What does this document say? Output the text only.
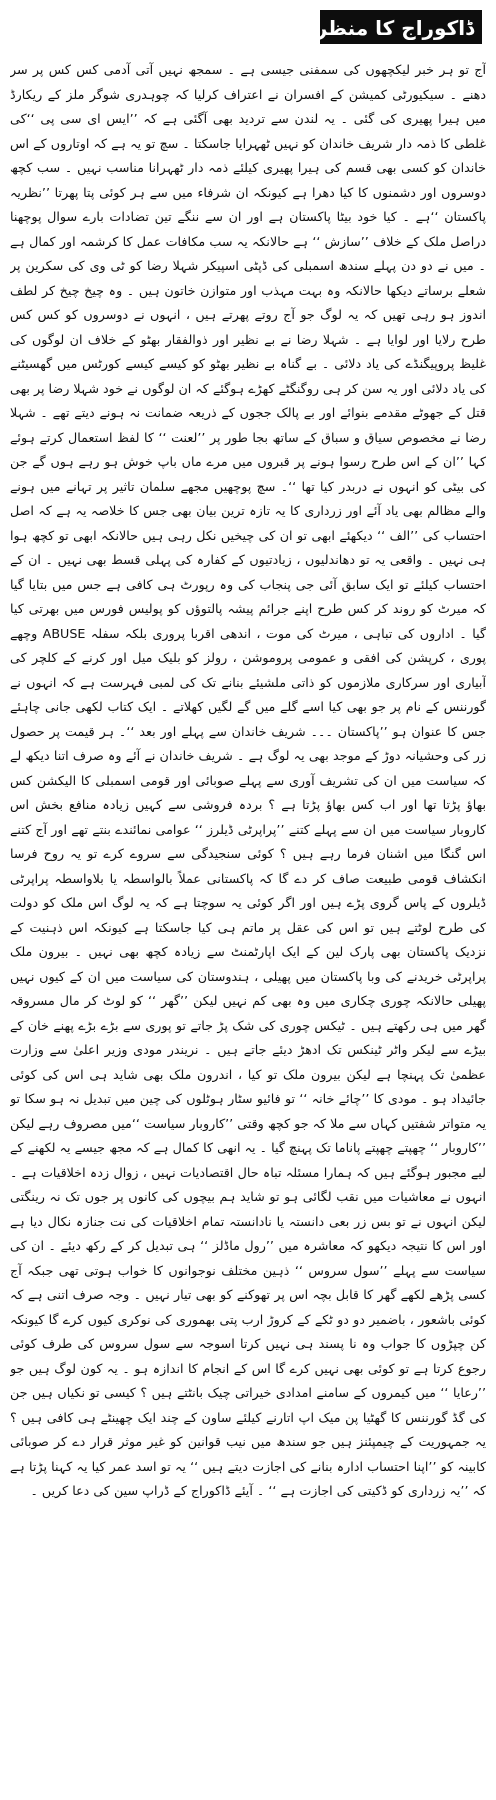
ڈاکوراج کا منظر نامہ

آج تو ہر خبر لیکچھوں کی سمفنی جیسی ہے ۔ سمجھ نہیں آتی آدمی کس کس پر سر دھنے ۔ سیکیورٹی کمیشن کے افسران نے اعتراف کرلیا کہ چوہدری شوگر ملز کے ریکارڈ میں ہیرا پھیری کی گئی ۔ یہ لندن سے تردید بھی آگئی ہے کہ ’’ایس ای سی پی ‘‘کی غلطی کا ذمہ دار شریف خاندان کو نہیں ٹھہرایا جاسکتا ۔ سچ تو یہ ہے کہ اوتاروں کے اس خاندان کو کسی بھی قسم کی ہیرا پھیری کیلئے ذمہ دار ٹھہرانا مناسب نہیں ۔ سب کچھ دوسروں اور دشمنوں کا کیا دھرا ہے کیونکہ ان شرفاء میں سے ہر کوئی پتا پھرتا ’’نظریہ پاکستان ‘‘ہے ۔ کیا خود بیٹا پاکستان ہے اور ان سے ننگے تین تضادات بارے سوال پوچھنا دراصل ملک کے خلاف ’’سازش ‘‘ ہے حالانکہ یہ سب مکافات عمل کا کرشمہ اور کمال ہے ۔ میں نے دو دن پہلے سندھ اسمبلی کی ڈپٹی اسپیکر شہلا رضا کو ٹی وی کی سکرین پر شعلے برساتے دیکھا حالانکہ وہ بہت مہذب اور متوازن خاتون ہیں ۔ وہ چیخ چیخ کر لطف اندوز ہو رہی تھیں کہ یہ لوگ جو آج روتے پھرتے ہیں ، انہوں نے دوسروں کو کس کس طرح رلایا اور لوایا ہے ۔ شہلا رضا نے بے نظیر اور ذوالفقار بھٹو کے خلاف ان لوگوں کی غلیظ پروپیگنڈے کی یاد دلائی ۔ بے گناہ بے نظیر بھٹو کو کیسے کیسے کورٹس میں گھسیٹنے کی یاد دلائی اور یہ سن کر ہی روگنگٹے کھڑے ہوگئے کہ ان لوگوں نے خود شہلا رضا پر بھی قتل کے جھوٹے مقدمے بنوائے اور بے پالک ججوں کے ذریعہ ضمانت نہ ہونے دیتے تھے ۔ شہلا رضا نے مخصوص سیاق و سباق کے ساتھ بجا طور پر ’’لعنت ‘‘ کا لفظ استعمال کرتے ہوئے کہا ’’ان کے اس طرح رسوا ہونے پر قبروں میں مرے ماں باپ خوش ہو رہے ہوں گے جن کی بیٹی کو انہوں نے دربدر کیا تھا ‘‘۔ سچ پوچھیں مجھے سلمان تاثیر پر تہانے میں ہونے والے مظالم بھی یاد آئے اور زرداری کا یہ تازہ ترین بیان بھی جس کا خلاصہ یہ ہے کہ اصل احتساب کی ’’الف ‘‘ دیکھئے ابھی تو ان کی چیخیں نکل رہی ہیں حالانکہ ابھی تو کچھ ہوا ہی نہیں ۔ واقعی یہ تو دھاندلیوں ، زیادتیوں کے کفارہ کی پہلی قسط بھی نہیں ۔ ان کے احتساب کیلئے تو ایک سابق آئی جی پنجاب کی وہ رپورٹ ہی کافی ہے جس میں بتایا گیا کہ میرٹ کو روند کر کس طرح اپنے جرائم پیشہ پالتوؤں کو پولیس فورس میں بھرتی کیا گیا ۔ اداروں کی تباہی ، میرٹ کی موت ، اندھی اقربا پروری بلکہ سفلہ ABUSE وچھے پوری ، کرپشن کی افقی و عمومی پروموشن ، رولز کو بلیک میل اور کرنے کے کلچر کی آبیاری اور سرکاری ملازموں کو ذاتی ملشیئے بنانے تک کی لمبی فہرست ہے کہ انہوں نے گورننس کے نام پر جو بھی کیا اسے گلے میں گے لگیں کھلاتے ۔ ایک کتاب لکھی جانی چاہئے جس کا عنوان ہو ’’پاکستان ۔۔۔ شریف خاندان سے پہلے اور بعد ‘‘۔ ہر قیمت پر حصول زر کی وحشیانہ دوڑ کے موجد بھی یہ لوگ ہے ۔ شریف خاندان نے آئے وہ صرف اتنا دیکھ لے کہ سیاست میں ان کی تشریف آوری سے پہلے صوبائی اور قومی اسمبلی کا الیکشن کس بھاؤ پڑتا تھا اور اب کس بھاؤ پڑتا ہے ؟ بردہ فروشی سے کہیں زیادہ منافع بخش اس کاروبار سیاست میں ان سے پہلے کتنے ’’پراپرٹی ڈیلرز ‘‘ عوامی نمائندے بنتے تھے اور آج کتنے اس گنگا میں اشنان فرما رہے ہیں ؟ کوئی سنجیدگی سے سروے کرے تو یہ روح فرسا انکشاف قومی طبیعت صاف کر دے گا کہ پاکستانی عملاً بالواسطہ یا بلاواسطہ پراپرٹی ڈیلروں کے پاس گروی پڑے ہیں اور اگر کوئی یہ سوچتا ہے کہ یہ لوگ اس ملک کو دولت کی طرح لوٹتے ہیں تو اس کی عقل پر ماتم ہی کیا جاسکتا ہے کیونکہ اس ذہنیت کے نزدیک پاکستان بھی پارک لین کے ایک اپارٹمنٹ سے زیادہ کچھ بھی نہیں ۔ بیرون ملک پراپرٹی خریدنے کی وبا پاکستان میں پھیلی ، ہندوستان کی سیاست میں ان کے کیوں نہیں پھیلی حالانکہ چوری چکاری میں وہ بھی کم نہیں لیکن ’’گھر ‘‘ کو لوٹ کر مال مسروقہ گھر میں ہی رکھتے ہیں ۔ ٹیکس چوری کی شک پڑ جاتے تو پوری سے بڑے بڑے پھنے خان کے بیڑے سے لیکر واٹر ٹینکس تک ادھڑ دیئے جاتے ہیں ۔ نریندر مودی وزیر اعلیٰ سے وزارت عظمیٰ تک پہنچا ہے لیکن بیرون ملک تو کیا ، اندرون ملک بھی شاید ہی اس کی کوئی جائیداد ہو ۔ مودی کا ’’چائے خانہ ‘‘ تو فائیو سٹار ہوٹلوں کی چین میں تبدیل نہ ہو سکا تو یہ متواتر شفتیں کہاں سے ملا کہ جو کچھ وقتی ’’کاروبار سیاست ‘‘میں مصروف رہے لیکن ’’کاروبار ‘‘ چھپتے چھپتے پاناما تک پہنچ گیا ۔ یہ انھی کا کمال ہے کہ مجھ جیسے یہ لکھنے کے لیے مجبور ہوگئے ہیں کہ ہمارا مسئلہ تباہ حال اقتصادیات نہیں ، زوال زدہ اخلاقیات ہے ۔ انہوں نے معاشیات میں نقب لگائی ہو تو شاید ہم بیچوں کی کانوں پر جوں تک نہ رینگتی لیکن انہوں نے تو بس زر بعی دانستہ یا نادانستہ تمام اخلاقیات کی نت جنازہ نکال دیا ہے اور اس کا نتیجہ دیکھو کہ معاشرہ میں ’’رول ماڈلز ‘‘ ہی تبدیل کر کے رکھ دیئے ۔ ان کی سیاست سے پہلے ’’سول سروس ‘‘ ذہین مختلف نوجوانوں کا خواب ہوتی تھی جبکہ آج کسی پڑھے لکھے گھر کا قابل بچہ اس پر تھوکنے کو بھی تیار نہیں ۔ وجہ صرف اتنی ہے کہ کوئی باشعور ، باضمیر دو دو ٹکے کے کروڑ ارب پتی بھموری کی نوکری کیوں کرے گا کیونکہ کن چپڑوں کا جواب وہ نا پسند ہی نہیں کرتا اسوجہ سے سول سروس کی طرف کوئی رجوع کرتا ہے تو کوئی بھی نہیں کرے گا اس کے انجام کا اندازہ ہو ۔ یہ کون لوگ ہیں جو ’’رعایا ‘‘ میں کیمروں کے سامنے امدادی خیراتی چیک بانٹتے ہیں ؟ کیسی تو نکیاں ہیں جن کی گڈ گورننس کا گھٹیا پن میک اپ اتارنے کیلئے ساون کے چند ایک چھینٹے ہی کافی ہیں ؟ یہ جمہوریت کے چیمپئنز ہیں جو سندھ میں نیب قوانین کو غیر موثر قرار دے کر صوبائی کابینہ کو ’’اپنا احتساب ادارہ بنانے کی اجازت دیتے ہیں ‘‘ یہ تو اسد عمر کیا یہ کہنا پڑتا ہے کہ ’’یہ زرداری کو ڈکیتی کی اجازت ہے ‘‘ ۔ آیئے ڈاکوراج کے ڈراپ سین کی دعا کریں ۔
